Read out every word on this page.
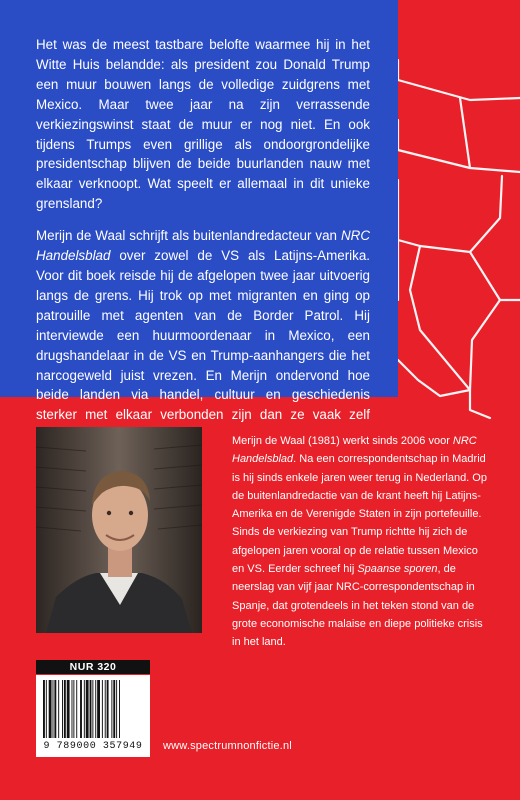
Het was de meest tastbare belofte waarmee hij in het Witte Huis belandde: als president zou Donald Trump een muur bouwen langs de volledige zuidgrens met Mexico. Maar twee jaar na zijn verrassende verkiezingswinst staat de muur er nog niet. En ook tijdens Trumps even grillige als ondoorgrondelijke presidentschap blijven de beide buurlanden nauw met elkaar verknoopt. Wat speelt er allemaal in dit unieke grensland?

Merijn de Waal schrijft als buitenlandredacteur van NRC Handelsblad over zowel de VS als Latijns-Amerika. Voor dit boek reisde hij de afgelopen twee jaar uitvoerig langs de grens. Hij trok op met migranten en ging op patrouille met agenten van de Border Patrol. Hij interviewde een huurmoordenaar in Mexico, een drugshandelaar in de VS en Trump-aanhangers die het narcogeweld juist vrezen. En Merijn ondervond hoe beide landen via handel, cultuur en geschiedenis sterker met elkaar verbonden zijn dan ze vaak zelf

Merijn de Waal (1981) werkt sinds 2006 voor NRC Handelsblad. Na een correspondentschap in Madrid is hij sinds enkele jaren weer terug in Nederland. Op de buitenlandredactie van de krant heeft hij Latijns-Amerika en de Verenigde Staten in zijn portefeuille. Sinds de verkiezing van Trump richtte hij zich de afgelopen jaren vooral op de relatie tussen Mexico en VS. Eerder schreef hij Spaanse sporen, de neerslag van vijf jaar NRC-correspondentschap in Spanje, dat grotendeels in het teken stond van de grote economische malaise en diepe politieke crisis in het land.

NUR 320
9 789000 357949	www.spectrumnonfictie.nl
